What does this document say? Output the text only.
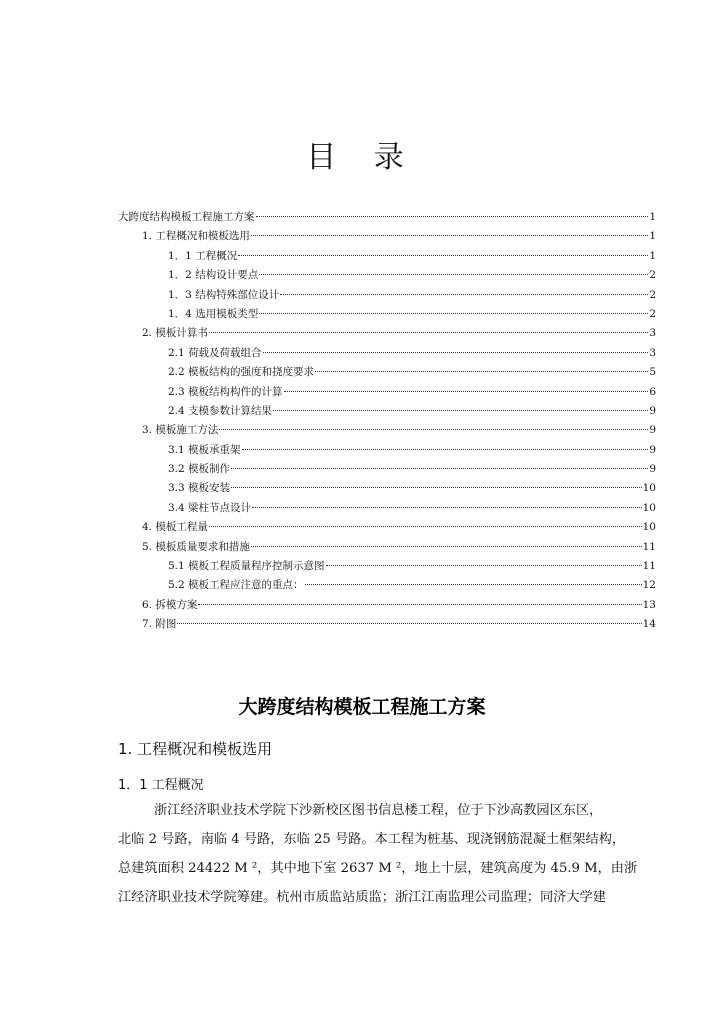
目 录
大跨度结构模板工程施工方案	1
1. 工程概况和模板选用	1
1．1 工程概况	1
1．2 结构设计要点	2
1．3 结构特殊部位设计	2
1．4 选用模板类型	2
2. 模板计算书	3
2.1 荷载及荷载组合	3
2.2 模板结构的强度和挠度要求	5
2.3 模板结构构件的计算	6
2.4 支模参数计算结果	9
3. 模板施工方法	9
3.1 模板承重架	9
3.2 模板制作	9
3.3 模板安装	10
3.4 梁柱节点设计	10
4. 模板工程量	10
5. 模板质量要求和措施	11
5.1 模板工程质量程序控制示意图	11
5.2 模板工程应注意的重点：	12
6. 拆模方案	13
7. 附图	14
大跨度结构模板工程施工方案
1. 工程概况和模板选用
1．1 工程概况
浙江经济职业技术学院下沙新校区图书信息楼工程，位于下沙高教园区东区，
北临 2 号路，南临 4 号路，东临 25 号路。本工程为桩基、现浇钢筋混凝土框架结构，
总建筑面积 24422 M ²，其中地下室 2637 M ²，地上十层，建筑高度为 45.9 M，由浙
江经济职业技术学院筹建。杭州市质监站质监；浙江江南监理公司监理；同济大学建
